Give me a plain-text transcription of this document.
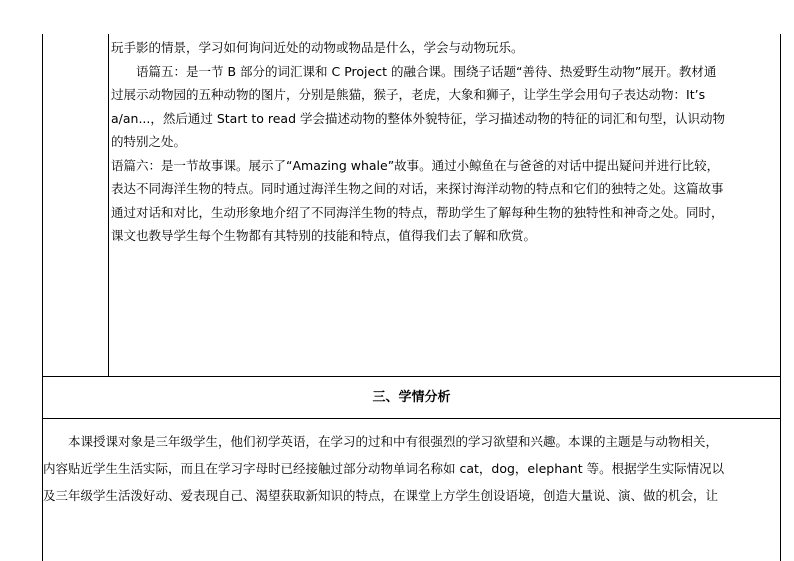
玩手影的情景，学习如何询问近处的动物或物品是什么，学会与动物玩乐。
　　语篇五：是一节 B 部分的词汇课和 C Project 的融合课。围绕子话题“善待、热爱野生动物”展开。教材通
过展示动物园的五种动物的图片，分别是熊猫，猴子，老虎，大象和狮子，让学生学会用句子表达动物：It’s
a/an...，然后通过 Start to read 学会描述动物的整体外貌特征，学习描述动物的特征的词汇和句型，认识动物
的特别之处。
语篇六：是一节故事课。展示了“Amazing whale”故事。通过小鲸鱼在与爸爸的对话中提出疑问并进行比较，
表达不同海洋生物的特点。同时通过海洋生物之间的对话，来探讨海洋动物的特点和它们的独特之处。这篇故事
通过对话和对比，生动形象地介绍了不同海洋生物的特点，帮助学生了解每种生物的独特性和神奇之处。同时，
课文也教导学生每个生物都有其特别的技能和特点，值得我们去了解和欣赏。
三、学情分析
　　本课授课对象是三年级学生，他们初学英语，在学习的过和中有很强烈的学习欲望和兴趣。本课的主题是与动物相关，
内容贴近学生生活实际，而且在学习字母时已经接触过部分动物单词名称如 cat，dog，elephant 等。根据学生实际情况以
及三年级学生活泼好动、爱表现自己、渴望获取新知识的特点，在课堂上方学生创设语境，创造大量说、演、做的机会，让
